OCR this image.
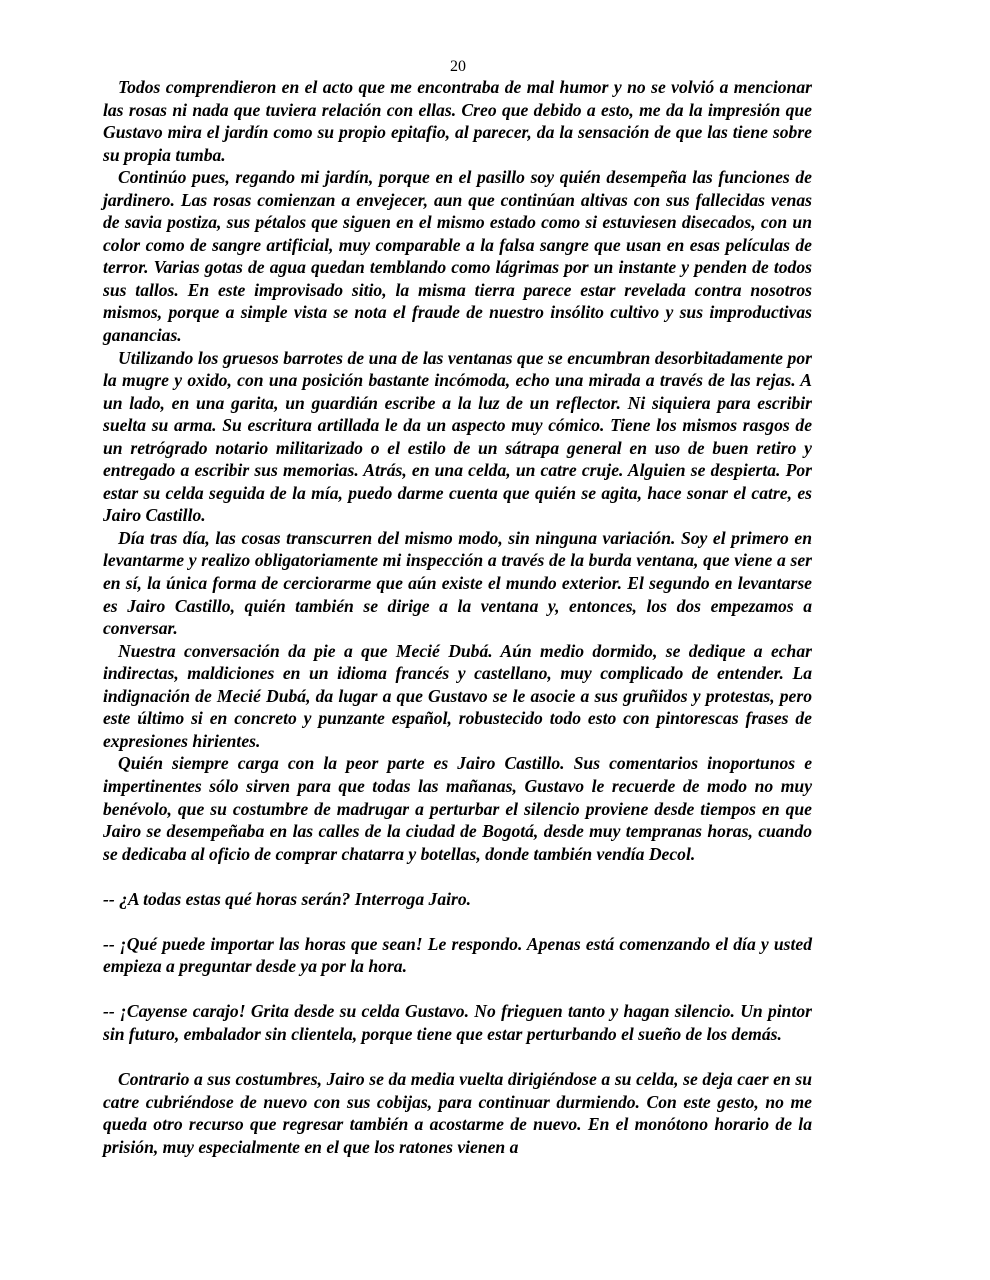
20

Todos comprendieron en el acto que me encontraba de mal humor y no se volvió a mencionar las rosas ni nada que tuviera relación con ellas. Creo que debido a esto, me da la impresión que Gustavo mira el jardín como su propio epitafio, al parecer, da la sensación de que las tiene sobre su propia tumba.

Continúo pues, regando mi jardín, porque en el pasillo soy quién desempeña las funciones de jardinero. Las rosas comienzan a envejecer, aun que continúan altivas con sus fallecidas venas de savia postiza, sus pétalos que siguen en el mismo estado como si estuviesen disecados, con un color como de sangre artificial, muy comparable a la falsa sangre que usan en esas películas de terror. Varias gotas de agua quedan temblando como lágrimas por un instante y penden de todos sus tallos. En este improvisado sitio, la misma tierra parece estar revelada contra nosotros mismos, porque a simple vista se nota el fraude de nuestro insólito cultivo y sus improductivas ganancias.

Utilizando los gruesos barrotes de una de las ventanas que se encumbran desorbitadamente por la mugre y oxido, con una posición bastante incómoda, echo una mirada a través de las rejas. A un lado, en una garita, un guardián escribe a la luz de un reflector. Ni siquiera para escribir suelta su arma. Su escritura artillada le da un aspecto muy cómico. Tiene los mismos rasgos de un retrógrado notario militarizado o el estilo de un sátrapa general en uso de buen retiro y entregado a escribir sus memorias. Atrás, en una celda, un catre cruje. Alguien se despierta. Por estar su celda seguida de la mía, puedo darme cuenta que quién se agita, hace sonar el catre, es Jairo Castillo.

Día tras día, las cosas transcurren del mismo modo, sin ninguna variación. Soy el primero en levantarme y realizo obligatoriamente mi inspección a través de la burda ventana, que viene a ser en sí, la única forma de cerciorarme que aún existe el mundo exterior. El segundo en levantarse es Jairo Castillo, quién también se dirige a la ventana y, entonces, los dos empezamos a conversar.

Nuestra conversación da pie a que Mecié Dubá. Aún medio dormido, se dedique a echar indirectas, maldiciones en un idioma francés y castellano, muy complicado de entender. La indignación de Mecié Dubá, da lugar a que Gustavo se le asocie a sus gruñidos y protestas, pero este último si en concreto y punzante español, robustecido todo esto con pintorescas frases de expresiones hirientes.

Quién siempre carga con la peor parte es Jairo Castillo. Sus comentarios inoportunos e impertinentes sólo sirven para que todas las mañanas, Gustavo le recuerde de modo no muy benévolo, que su costumbre de madrugar a perturbar el silencio proviene desde tiempos en que Jairo se desempeñaba en las calles de la ciudad de Bogotá, desde muy tempranas horas, cuando se dedicaba al oficio de comprar chatarra y botellas, donde también vendía Decol.

-- ¿A todas estas qué horas serán? Interroga Jairo.

-- ¡Qué puede importar las horas que sean! Le respondo. Apenas está comenzando el día y usted empieza a preguntar desde ya por la hora.

-- ¡Cayense carajo! Grita desde su celda Gustavo. No frieguen tanto y hagan silencio. Un pintor sin futuro, embalador sin clientela, porque tiene que estar perturbando el sueño de los demás.

Contrario a sus costumbres, Jairo se da media vuelta dirigiéndose a su celda, se deja caer en su catre cubriéndose de nuevo con sus cobijas, para continuar durmiendo. Con este gesto, no me queda otro recurso que regresar también a acostarme de nuevo. En el monótono horario de la prisión, muy especialmente en el que los ratones vienen a
